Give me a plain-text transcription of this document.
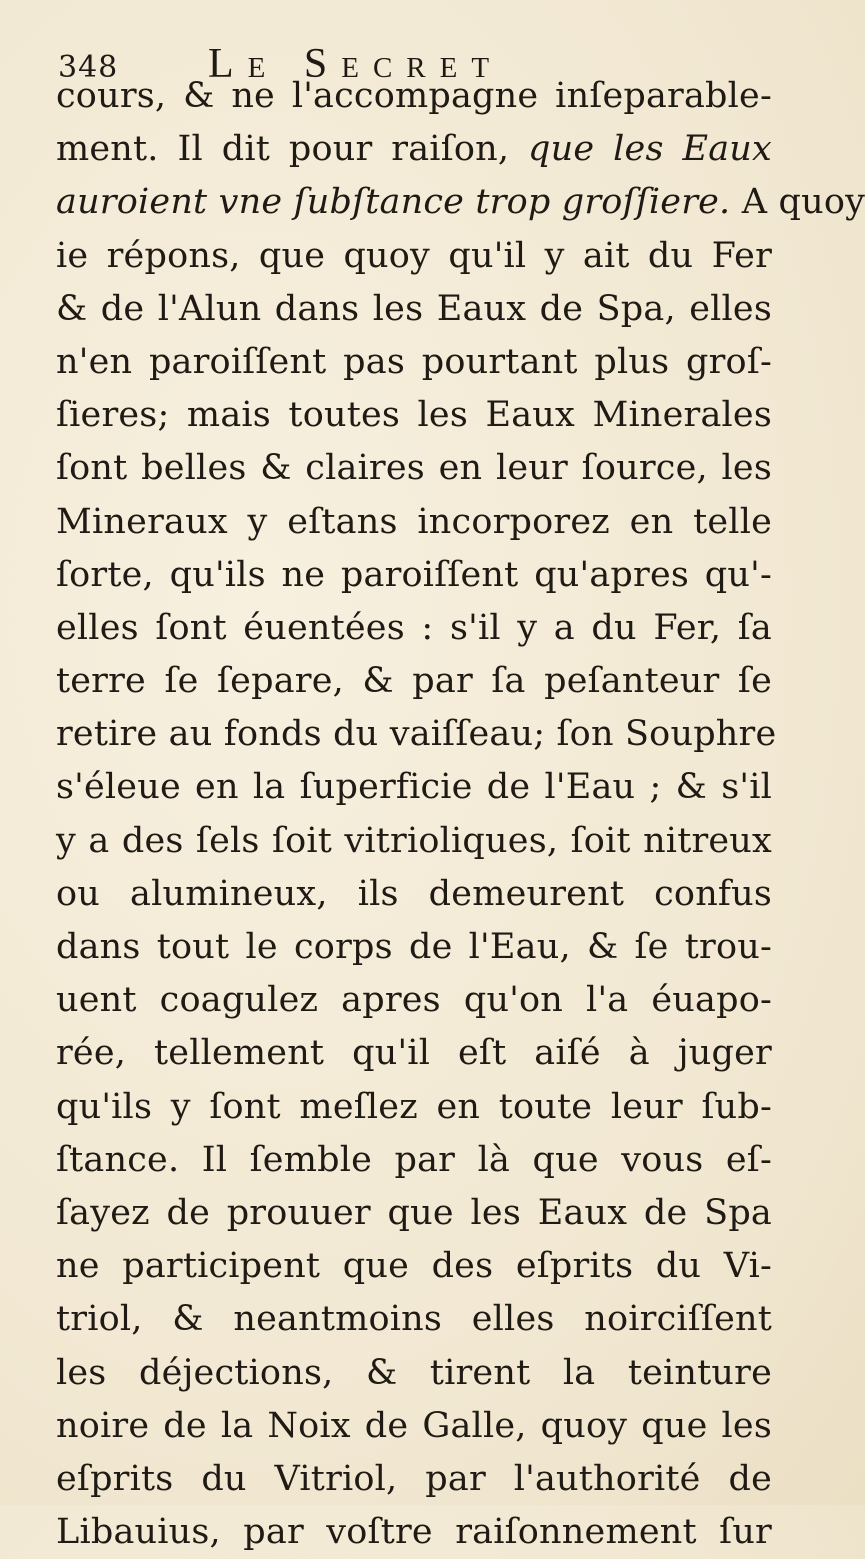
348	Le Secret
cours, & ne l'accompagne inſeparable-
ment. Il dit pour raiſon, que les Eaux
auroient vne ſubſtance trop groſſiere. A quoy
ie répons, que quoy qu'il y ait du Fer
& de l'Alun dans les Eaux de Spa, elles
n'en paroiſſent pas pourtant plus groſ-
ſieres; mais toutes les Eaux Minerales
ſont belles & claires en leur ſource, les
Mineraux y eſtans incorporez en telle
ſorte, qu'ils ne paroiſſent qu'apres qu'-
elles ſont éuentées : s'il y a du Fer, ſa
terre ſe ſepare, & par ſa peſanteur ſe
retire au fonds du vaiſſeau; ſon Souphre
s'éleue en la ſuperficie de l'Eau ; & s'il
y a des ſels ſoit vitrioliques, ſoit nitreux
ou alumineux, ils demeurent confus
dans tout le corps de l'Eau, & ſe trou-
uent coagulez apres qu'on l'a éuapo-
rée, tellement qu'il eſt aiſé à juger
qu'ils y ſont meſlez en toute leur ſub-
ſtance. Il ſemble par là que vous eſ-
ſayez de prouuer que les Eaux de Spa
ne participent que des eſprits du Vi-
triol, & neantmoins elles noirciſſent
les déjections, & tirent la teinture
noire de la Noix de Galle, quoy que les
eſprits du Vitriol, par l'authorité de
Libauius, par voſtre raiſonnement ſur
